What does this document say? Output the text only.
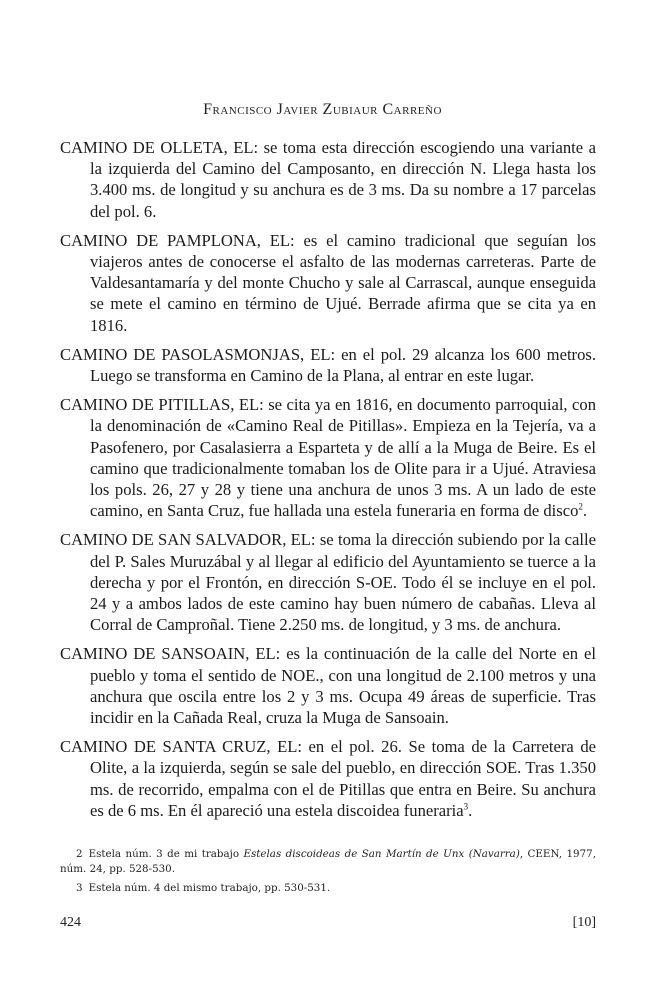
Francisco Javier Zubiaur Carreño

CAMINO DE OLLETA, EL: se toma esta dirección escogiendo una variante a la izquierda del Camino del Camposanto, en dirección N. Llega hasta los 3.400 ms. de longitud y su anchura es de 3 ms. Da su nombre a 17 parcelas del pol. 6.

CAMINO DE PAMPLONA, EL: es el camino tradicional que seguían los viajeros antes de conocerse el asfalto de las modernas carreteras. Parte de Valdesantamaría y del monte Chucho y sale al Carrascal, aunque enseguida se mete el camino en término de Ujué. Berrade afirma que se cita ya en 1816.

CAMINO DE PASOLASMONJAS, EL: en el pol. 29 alcanza los 600 metros. Luego se transforma en Camino de la Plana, al entrar en este lugar.

CAMINO DE PITILLAS, EL: se cita ya en 1816, en documento parroquial, con la denominación de «Camino Real de Pitillas». Empieza en la Tejería, va a Pasofenero, por Casalasierra a Esparteta y de allí a la Muga de Beire. Es el camino que tradicionalmente tomaban los de Olite para ir a Ujué. Atraviesa los pols. 26, 27 y 28 y tiene una anchura de unos 3 ms. A un lado de este camino, en Santa Cruz, fue hallada una estela funeraria en forma de disco$^2$.

CAMINO DE SAN SALVADOR, EL: se toma la dirección subiendo por la calle del P. Sales Muruzábal y al llegar al edificio del Ayuntamiento se tuerce a la derecha y por el Frontón, en dirección S-OE. Todo él se incluye en el pol. 24 y a ambos lados de este camino hay buen número de cabañas. Lleva al Corral de Camproñal. Tiene 2.250 ms. de longitud, y 3 ms. de anchura.

CAMINO DE SANSOAIN, EL: es la continuación de la calle del Norte en el pueblo y toma el sentido de NOE., con una longitud de 2.100 metros y una anchura que oscila entre los 2 y 3 ms. Ocupa 49 áreas de superficie. Tras incidir en la Cañada Real, cruza la Muga de Sansoain.

CAMINO DE SANTA CRUZ, EL: en el pol. 26. Se toma de la Carretera de Olite, a la izquierda, según se sale del pueblo, en dirección SOE. Tras 1.350 ms. de recorrido, empalma con el de Pitillas que entra en Beire. Su anchura es de 6 ms. En él apareció una estela discoidea funeraria$^3$.

2 Estela núm. 3 de mi trabajo Estelas discoideas de San Martín de Unx (Navarra), CEEN, 1977, núm. 24, pp. 528-530.

3 Estela núm. 4 del mismo trabajo, pp. 530-531.

424	[10]
